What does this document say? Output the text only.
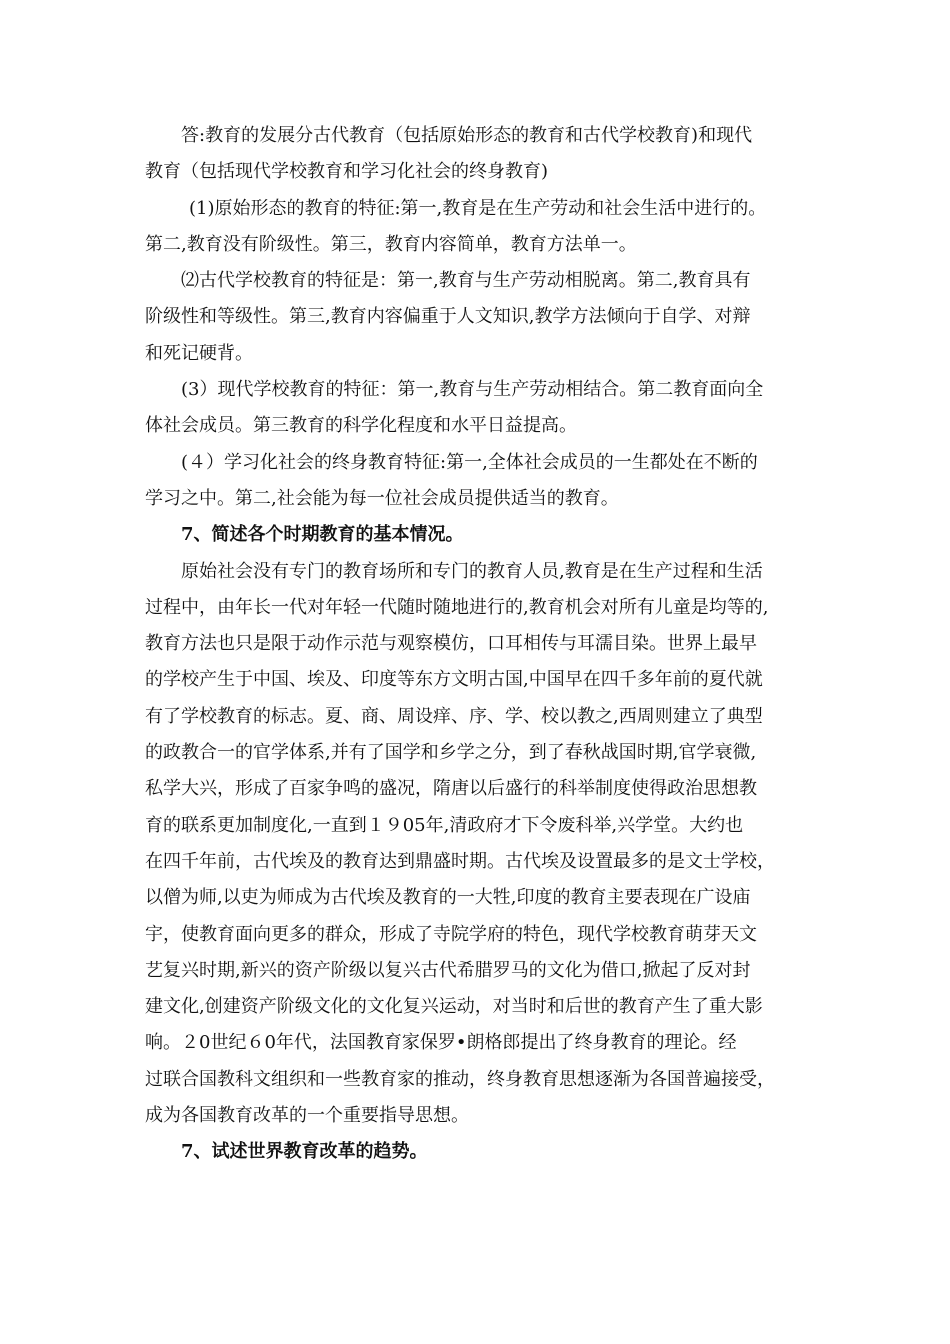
答:教育的发展分古代教育（包括原始形态的教育和古代学校教育)和现代
教育（包括现代学校教育和学习化社会的终身教育)
(1)原始形态的教育的特征:第一,教育是在生产劳动和社会生活中进行的。
第二,教育没有阶级性。第三，教育内容简单，教育方法单一。
⑵古代学校教育的特征是：第一,教育与生产劳动相脱离。第二,教育具有
阶级性和等级性。第三,教育内容偏重于人文知识,教学方法倾向于自学、对辩
和死记硬背。
(3）现代学校教育的特征：第一,教育与生产劳动相结合。第二教育面向全
体社会成员。第三教育的科学化程度和水平日益提高。
(４）学习化社会的终身教育特征:第一,全体社会成员的一生都处在不断的
学习之中。第二,社会能为每一位社会成员提供适当的教育。
7、简述各个时期教育的基本情况。
原始社会没有专门的教育场所和专门的教育人员,教育是在生产过程和生活
过程中，由年长一代对年轻一代随时随地进行的,教育机会对所有儿童是均等的,
教育方法也只是限于动作示范与观察模仿，口耳相传与耳濡目染。世界上最早
的学校产生于中国、埃及、印度等东方文明古国,中国早在四千多年前的夏代就
有了学校教育的标志。夏、商、周设痒、序、学、校以教之,西周则建立了典型
的政教合一的官学体系,并有了国学和乡学之分，到了春秋战国时期,官学衰微,
私学大兴，形成了百家争鸣的盛况，隋唐以后盛行的科举制度使得政治思想教
育的联系更加制度化,一直到１９05年,清政府才下令废科举,兴学堂。大约也
在四千年前，古代埃及的教育达到鼎盛时期。古代埃及设置最多的是文士学校，
以僧为师,以吏为师成为古代埃及教育的一大牲,印度的教育主要表现在广设庙
宇，使教育面向更多的群众，形成了寺院学府的特色，现代学校教育萌芽天文
艺复兴时期,新兴的资产阶级以复兴古代希腊罗马的文化为借口,掀起了反对封
建文化,创建资产阶级文化的文化复兴运动，对当时和后世的教育产生了重大影
响。２0世纪６0年代，法国教育家保罗•朗格郎提出了终身教育的理论。经
过联合国教科文组织和一些教育家的推动，终身教育思想逐渐为各国普遍接受，
成为各国教育改革的一个重要指导思想。
7、试述世界教育改革的趋势。
